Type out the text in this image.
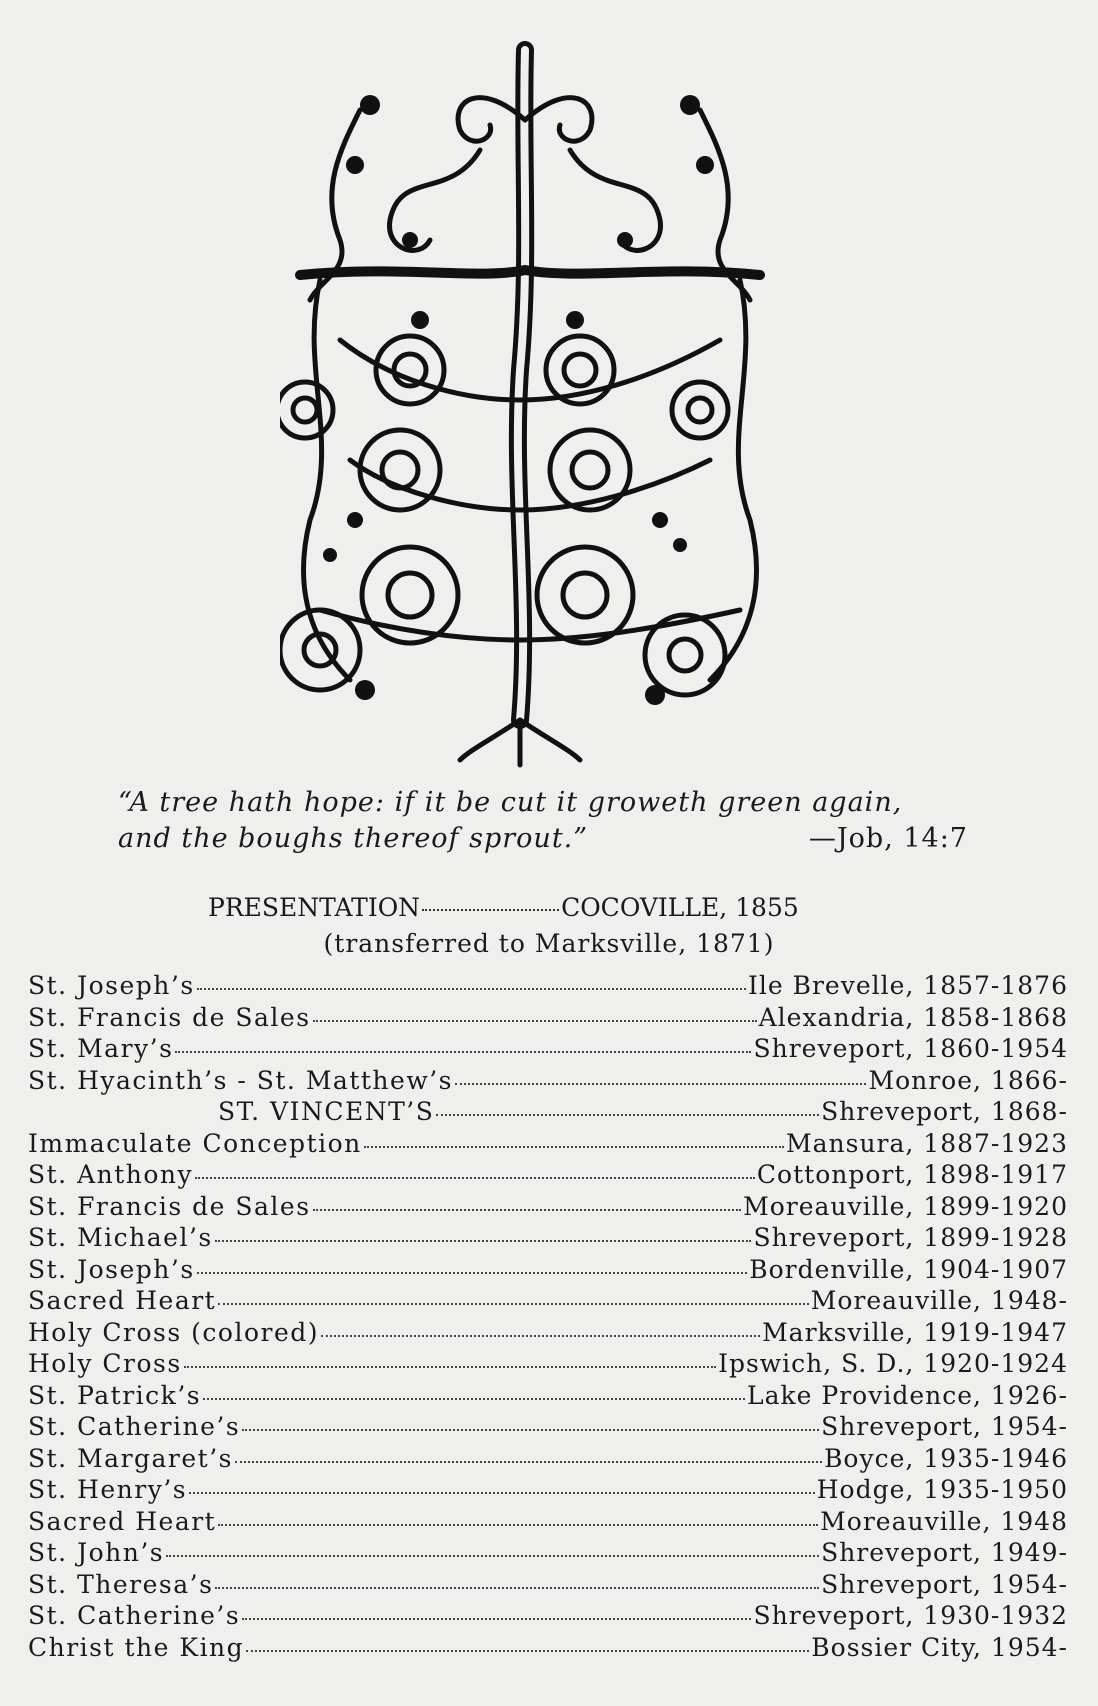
“A tree hath hope: if it be cut it groweth green again,
and the boughs thereof sprout.”	—Job, 14:7
PRESENTATION	COCOVILLE, 1855
(transferred to Marksville, 1871)
St. Joseph’s	Ile Brevelle, 1857-1876
St. Francis de Sales	Alexandria, 1858-1868
St. Mary’s	Shreveport, 1860-1954
St. Hyacinth’s - St. Matthew’s	Monroe, 1866-
ST. VINCENT’S	Shreveport, 1868-
Immaculate Conception	Mansura, 1887-1923
St. Anthony	Cottonport, 1898-1917
St. Francis de Sales	Moreauville, 1899-1920
St. Michael’s	Shreveport, 1899-1928
St. Joseph’s	Bordenville, 1904-1907
Sacred Heart	Moreauville, 1948-
Holy Cross (colored)	Marksville, 1919-1947
Holy Cross	Ipswich, S. D., 1920-1924
St. Patrick’s	Lake Providence, 1926-
St. Catherine’s	Shreveport, 1954-
St. Margaret’s	Boyce, 1935-1946
St. Henry’s	Hodge, 1935-1950
Sacred Heart	Moreauville, 1948
St. John’s	Shreveport, 1949-
St. Theresa’s	Shreveport, 1954-
St. Catherine’s	Shreveport, 1930-1932
Christ the King	Bossier City, 1954-
